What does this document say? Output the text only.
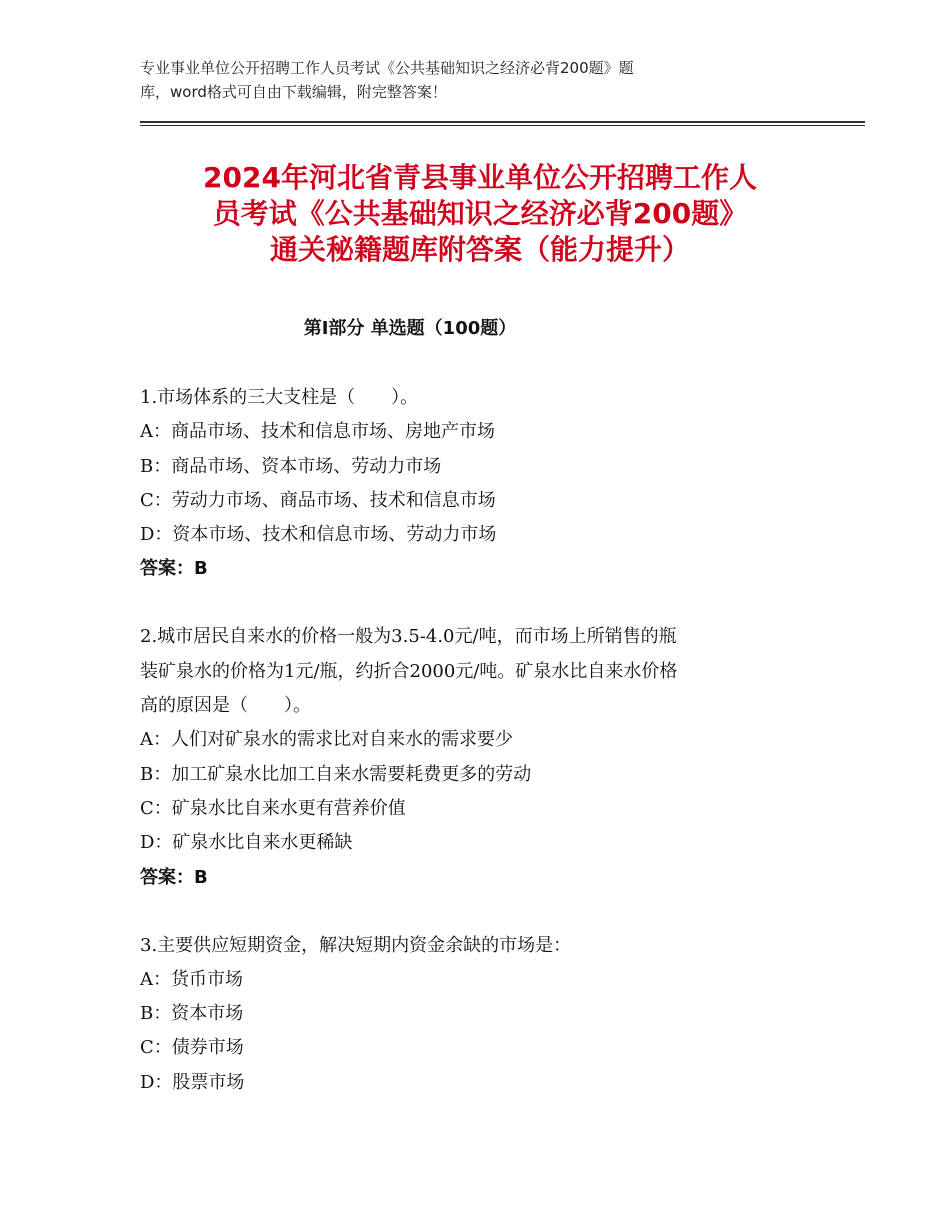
专业事业单位公开招聘工作人员考试《公共基础知识之经济必背200题》题
库，word格式可自由下载编辑，附完整答案！
2024年河北省青县事业单位公开招聘工作人
员考试《公共基础知识之经济必背200题》
通关秘籍题库附答案（能力提升）
第Ⅰ部分 单选题（100题）
1.市场体系的三大支柱是（　　）。
A：商品市场、技术和信息市场、房地产市场
B：商品市场、资本市场、劳动力市场
C：劳动力市场、商品市场、技术和信息市场
D：资本市场、技术和信息市场、劳动力市场
答案：B
2.城市居民自来水的价格一般为3.5-4.0元/吨，而市场上所销售的瓶
装矿泉水的价格为1元/瓶，约折合2000元/吨。矿泉水比自来水价格
高的原因是（　　）。
A：人们对矿泉水的需求比对自来水的需求要少
B：加工矿泉水比加工自来水需要耗费更多的劳动
C：矿泉水比自来水更有营养价值
D：矿泉水比自来水更稀缺
答案：B
3.主要供应短期资金，解决短期内资金余缺的市场是：
A：货币市场
B：资本市场
C：债券市场
D：股票市场
